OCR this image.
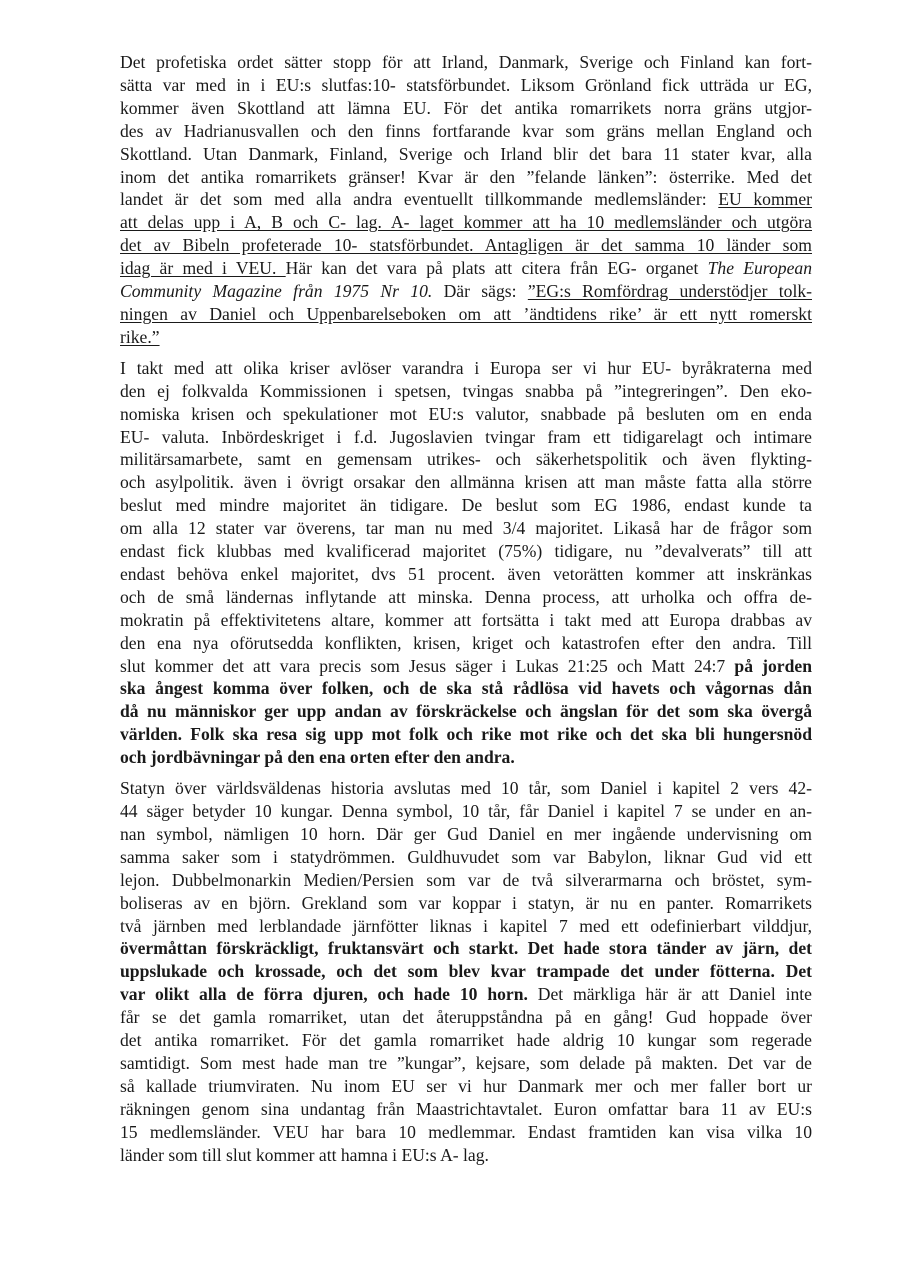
Det profetiska ordet sätter stopp för att Irland, Danmark, Sverige och Finland kan fort-
sätta var med in i EU:s slutfas:10- statsförbundet. Liksom Grönland fick utträda ur EG,
kommer även Skottland att lämna EU. För det antika romarrikets norra gräns utgjor-
des av Hadrianusvallen och den finns fortfarande kvar som gräns mellan England och
Skottland. Utan Danmark, Finland, Sverige och Irland blir det bara 11 stater kvar, alla
inom det antika romarrikets gränser! Kvar är den ”felande länken”: österrike. Med det
landet är det som med alla andra eventuellt tillkommande medlemsländer: EU kommer
att delas upp i A, B och C- lag. A- laget kommer att ha 10 medlemsländer och utgöra
det av Bibeln profeterade 10- statsförbundet. Antagligen är det samma 10 länder som
idag är med i VEU. Här kan det vara på plats att citera från EG- organet The European
Community Magazine från 1975 Nr 10. Där sägs: ”EG:s Romfördrag understödjer tolk-
ningen av Daniel och Uppenbarelseboken om att ’ändtidens rike’ är ett nytt romerskt
rike.”
I takt med att olika kriser avlöser varandra i Europa ser vi hur EU- byråkraterna med
den ej folkvalda Kommissionen i spetsen, tvingas snabba på ”integreringen”. Den eko-
nomiska krisen och spekulationer mot EU:s valutor, snabbade på besluten om en enda
EU- valuta. Inbördeskriget i f.d. Jugoslavien tvingar fram ett tidigarelagt och intimare
militärsamarbete, samt en gemensam utrikes- och säkerhetspolitik och även flykting-
och asylpolitik. även i övrigt orsakar den allmänna krisen att man måste fatta alla större
beslut med mindre majoritet än tidigare. De beslut som EG 1986, endast kunde ta
om alla 12 stater var överens, tar man nu med 3/4 majoritet. Likaså har de frågor som
endast fick klubbas med kvalificerad majoritet (75%) tidigare, nu ”devalverats” till att
endast behöva enkel majoritet, dvs 51 procent. även vetorätten kommer att inskränkas
och de små ländernas inflytande att minska. Denna process, att urholka och offra de-
mokratin på effektivitetens altare, kommer att fortsätta i takt med att Europa drabbas av
den ena nya oförutsedda konflikten, krisen, kriget och katastrofen efter den andra. Till
slut kommer det att vara precis som Jesus säger i Lukas 21:25 och Matt 24:7 på jorden
ska ångest komma över folken, och de ska stå rådlösa vid havets och vågornas dån
då nu människor ger upp andan av förskräckelse och ängslan för det som ska övergå
världen. Folk ska resa sig upp mot folk och rike mot rike och det ska bli hungersnöd
och jordbävningar på den ena orten efter den andra.
Statyn över världsväldenas historia avslutas med 10 tår, som Daniel i kapitel 2 vers 42-
44 säger betyder 10 kungar. Denna symbol, 10 tår, får Daniel i kapitel 7 se under en an-
nan symbol, nämligen 10 horn. Där ger Gud Daniel en mer ingående undervisning om
samma saker som i statydrömmen. Guldhuvudet som var Babylon, liknar Gud vid ett
lejon. Dubbelmonarkin Medien/Persien som var de två silverarmarna och bröstet, sym-
boliseras av en björn. Grekland som var koppar i statyn, är nu en panter. Romarrikets
två järnben med lerblandade järnfötter liknas i kapitel 7 med ett odefinierbart vilddjur,
övermåttan förskräckligt, fruktansvärt och starkt. Det hade stora tänder av järn, det
uppslukade och krossade, och det som blev kvar trampade det under fötterna. Det
var olikt alla de förra djuren, och hade 10 horn. Det märkliga här är att Daniel inte
får se det gamla romarriket, utan det återuppståndna på en gång! Gud hoppade över
det antika romarriket. För det gamla romarriket hade aldrig 10 kungar som regerade
samtidigt. Som mest hade man tre ”kungar”, kejsare, som delade på makten. Det var de
så kallade triumviraten. Nu inom EU ser vi hur Danmark mer och mer faller bort ur
räkningen genom sina undantag från Maastrichtavtalet. Euron omfattar bara 11 av EU:s
15 medlemsländer. VEU har bara 10 medlemmar. Endast framtiden kan visa vilka 10
länder som till slut kommer att hamna i EU:s A- lag.
